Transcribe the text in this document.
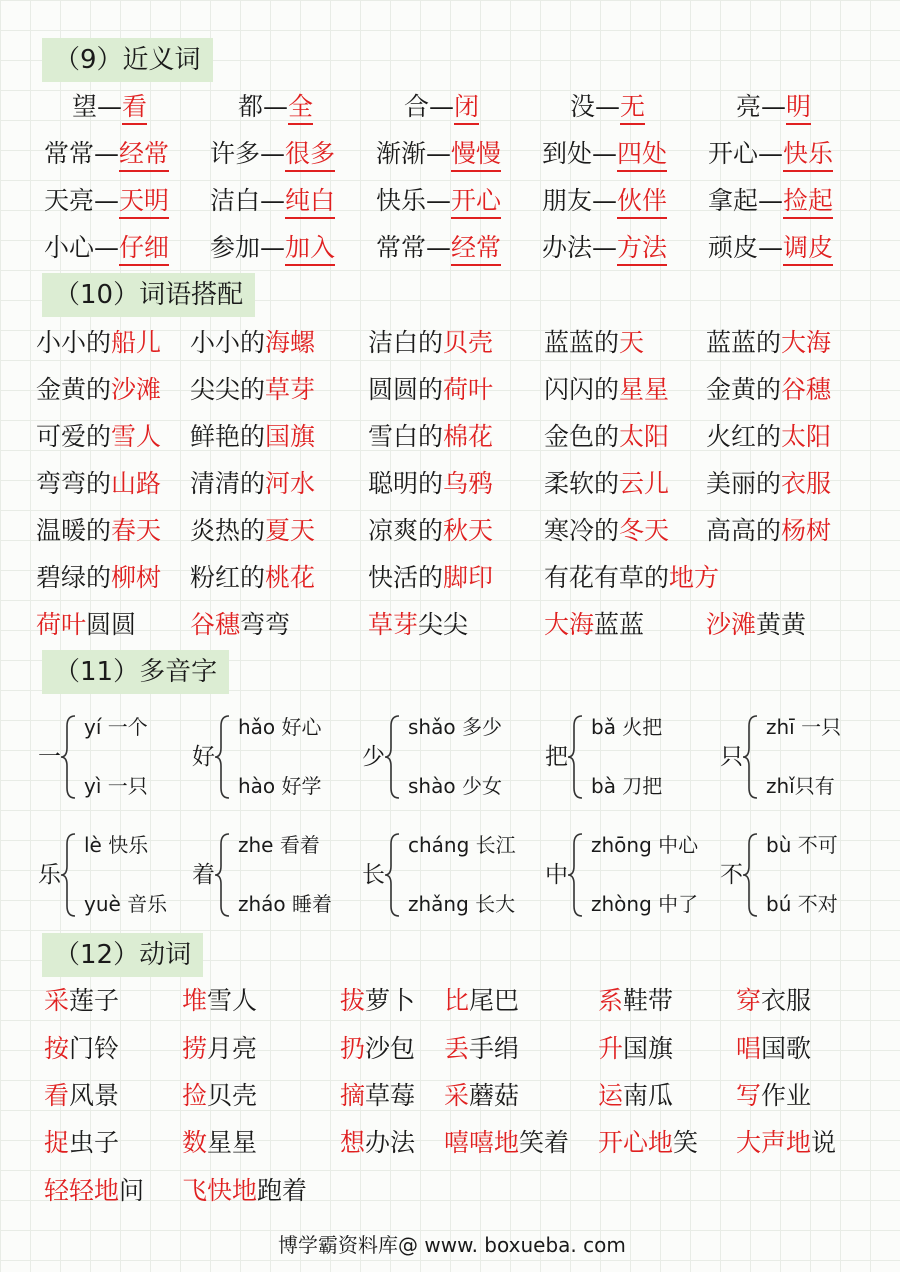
（9）近义词
望—看	都—全	合—闭	没—无	亮—明
常常—经常 许多—很多 渐渐—慢慢 到处—四处 开心—快乐
天亮—天明 洁白—纯白 快乐—开心 朋友—伙伴 拿起—捡起
小心—仔细 参加—加入 常常—经常 办法—方法 顽皮—调皮
（10）词语搭配
小小的船儿 小小的海螺 洁白的贝壳 蓝蓝的天 蓝蓝的大海
金黄的沙滩 尖尖的草芽 圆圆的荷叶 闪闪的星星 金黄的谷穗
可爱的雪人 鲜艳的国旗 雪白的棉花 金色的太阳 火红的太阳
弯弯的山路 清清的河水 聪明的乌鸦 柔软的云儿 美丽的衣服
温暖的春天 炎热的夏天 凉爽的秋天 寒冷的冬天 高高的杨树
碧绿的柳树 粉红的桃花 快活的脚印 有花有草的地方
荷叶圆圆 谷穗弯弯	草芽尖尖	大海蓝蓝 沙滩黄黄
（11）多音字
一
yí 一个
yì 一只
好
hǎo 好心
hào 好学
少
shǎo 多少
shào 少女
把
bǎ 火把
bà 刀把
只
zhī 一只
zhǐ只有
乐
lè 快乐
yuè 音乐
着
zhe 看着
zháo 睡着
长
cháng 长江
zhǎng 长大
中
zhōng 中心
zhòng 中了
不
bù 不可
bú 不对
（12）动词
采莲子	堆雪人	拔萝卜 比尾巴	系鞋带	穿衣服
按门铃	捞月亮	扔沙包 丢手绢	升国旗	唱国歌
看风景	捡贝壳	摘草莓 采蘑菇	运南瓜	写作业
捉虫子	数星星	想办法 嘻嘻地笑着 开心地笑 大声地说
轻轻地问 飞快地跑着
博学霸资料库@ www. boxueba. com
